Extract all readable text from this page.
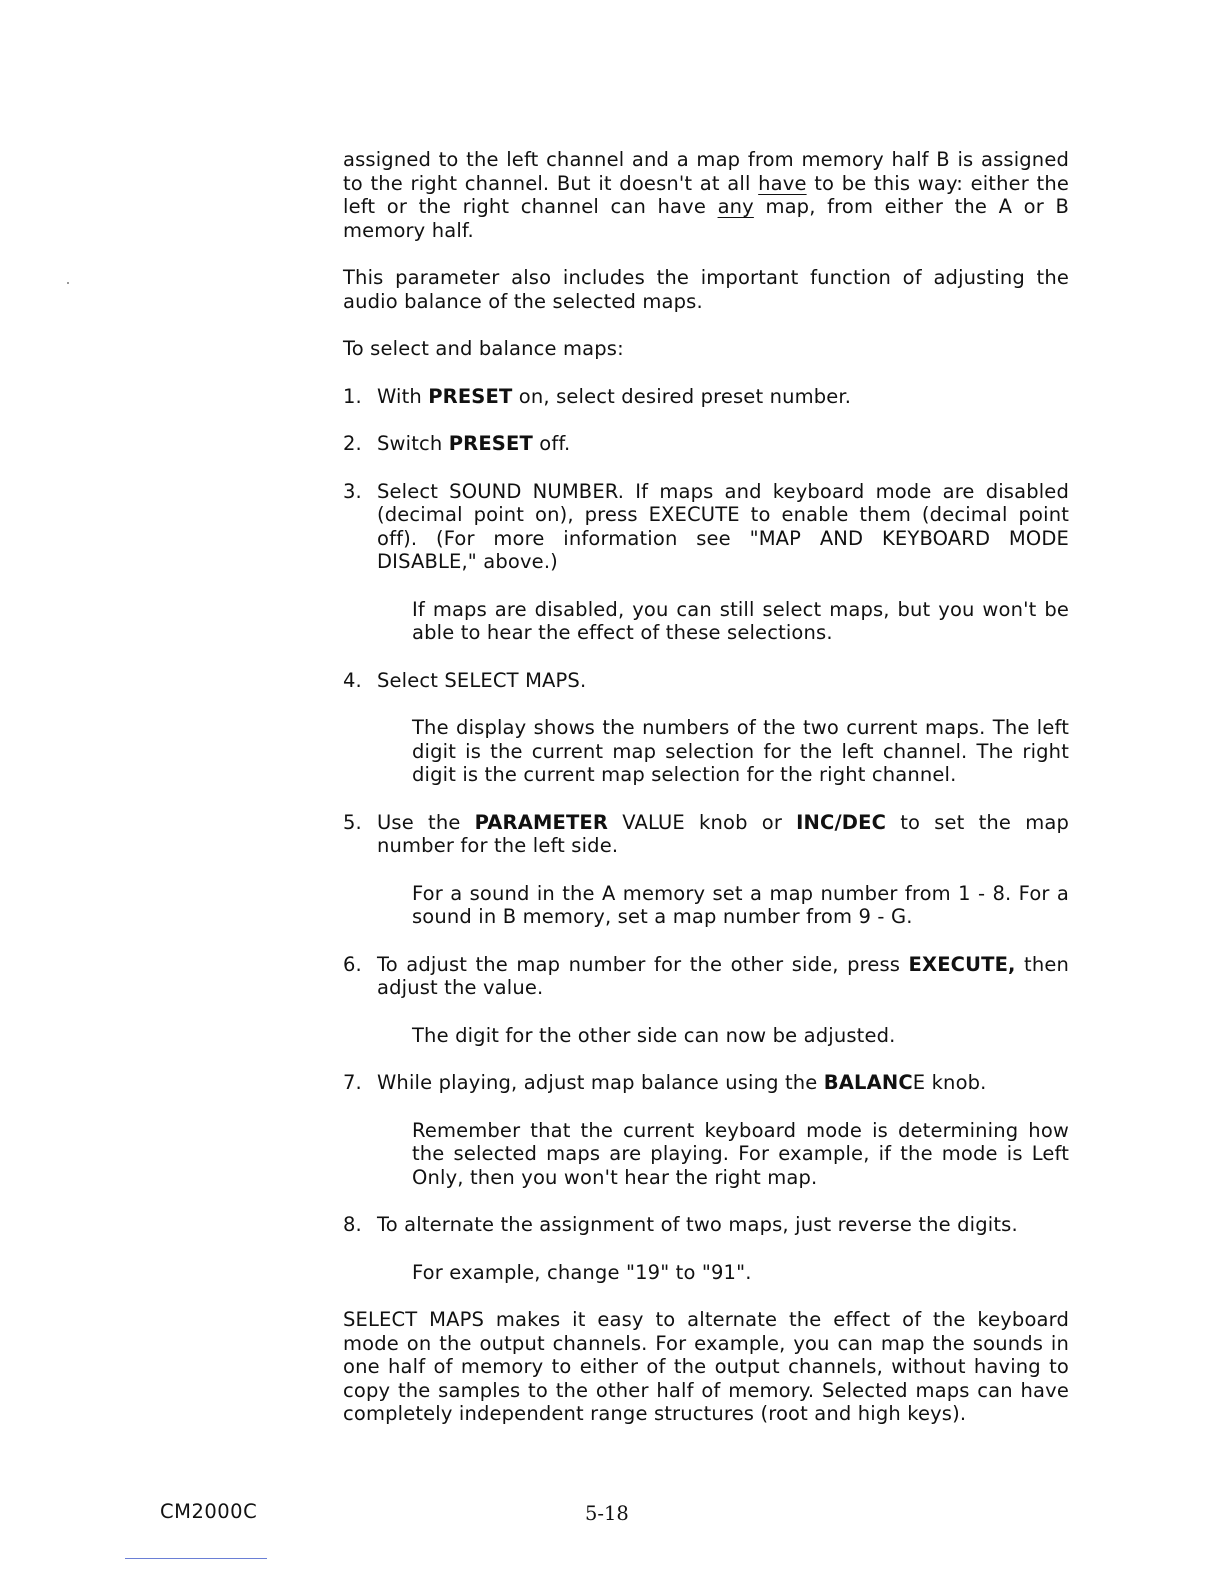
assigned to the left channel and a map from memory half B is assigned to the right channel. But it doesn't at all have to be this way: either the left or the right channel can have any map, from either the A or B memory half.

This parameter also includes the important function of adjusting the audio balance of the selected maps.

To select and balance maps:

1. With PRESET on, select desired preset number.
2. Switch PRESET off.
3. Select SOUND NUMBER. If maps and keyboard mode are disabled (decimal point on), press EXECUTE to enable them (decimal point off). (For more information see "MAP AND KEYBOARD MODE DISABLE," above.)

If maps are disabled, you can still select maps, but you won't be able to hear the effect of these selections.

4. Select SELECT MAPS.

The display shows the numbers of the two current maps. The left digit is the current map selection for the left channel. The right digit is the current map selection for the right channel.

5. Use the PARAMETER VALUE knob or INC/DEC to set the map number for the left side.

For a sound in the A memory set a map number from 1 - 8. For a sound in B memory, set a map number from 9 - G.

6. To adjust the map number for the other side, press EXECUTE, then adjust the value.

The digit for the other side can now be adjusted.

7. While playing, adjust map balance using the BALANCE knob.

Remember that the current keyboard mode is determining how the selected maps are playing. For example, if the mode is Left Only, then you won't hear the right map.

8. To alternate the assignment of two maps, just reverse the digits.

For example, change "19" to "91".

SELECT MAPS makes it easy to alternate the effect of the keyboard mode on the output channels. For example, you can map the sounds in one half of memory to either of the output channels, without having to copy the samples to the other half of memory. Selected maps can have completely independent range structures (root and high keys).

CM2000C	5-18
